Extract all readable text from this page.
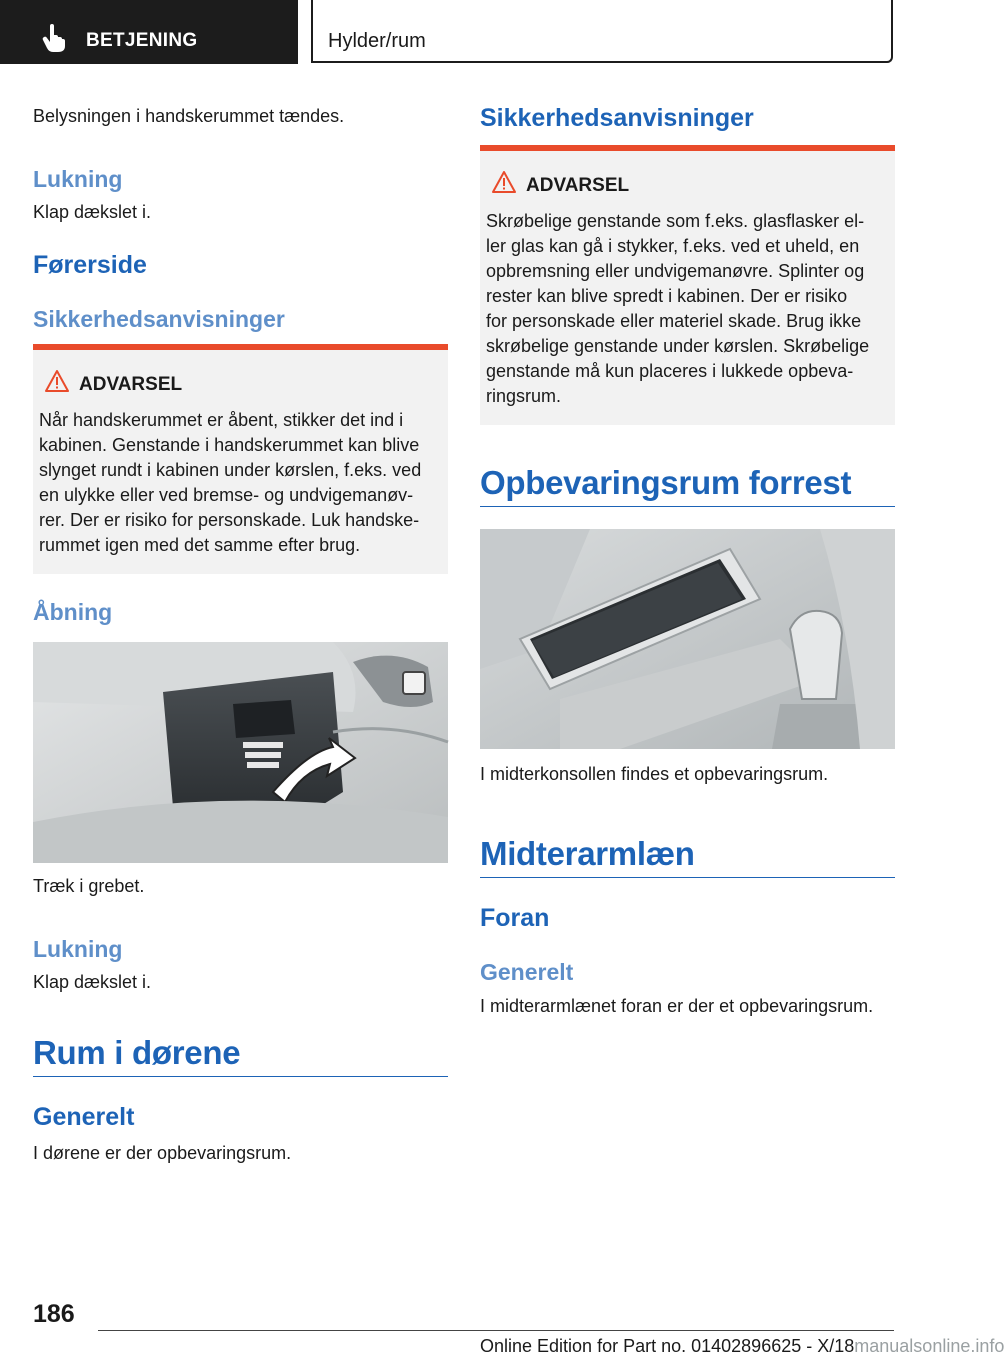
BETJENING	Hylder/rum
Belysningen i handskerummet tændes.
Lukning
Klap dækslet i.
Førerside
Sikkerhedsanvisninger
ADVARSEL
Når handskerummet er åbent, stikker det ind i
kabinen. Genstande i handskerummet kan blive
slynget rundt i kabinen under kørslen, f.eks. ved
en ulykke eller ved bremse- og undvigemanøv-
rer. Der er risiko for personskade. Luk handske-
rummet igen med det samme efter brug.
Åbning
Træk i grebet.
Lukning
Klap dækslet i.
Rum i dørene
Generelt
I dørene er der opbevaringsrum.
Sikkerhedsanvisninger
ADVARSEL
Skrøbelige genstande som f.eks. glasflasker el-
ler glas kan gå i stykker, f.eks. ved et uheld, en
opbremsning eller undvigemanøvre. Splinter og
rester kan blive spredt i kabinen. Der er risiko
for personskade eller materiel skade. Brug ikke
skrøbelige genstande under kørslen. Skrøbelige
genstande må kun placeres i lukkede opbeva-
ringsrum.
Opbevaringsrum forrest
I midterkonsollen findes et opbevaringsrum.
Midterarmlæn
Foran
Generelt
I midterarmlænet foran er der et opbevaringsrum.
186
Online Edition for Part no. 01402896625 - X/18manualsonline.info
